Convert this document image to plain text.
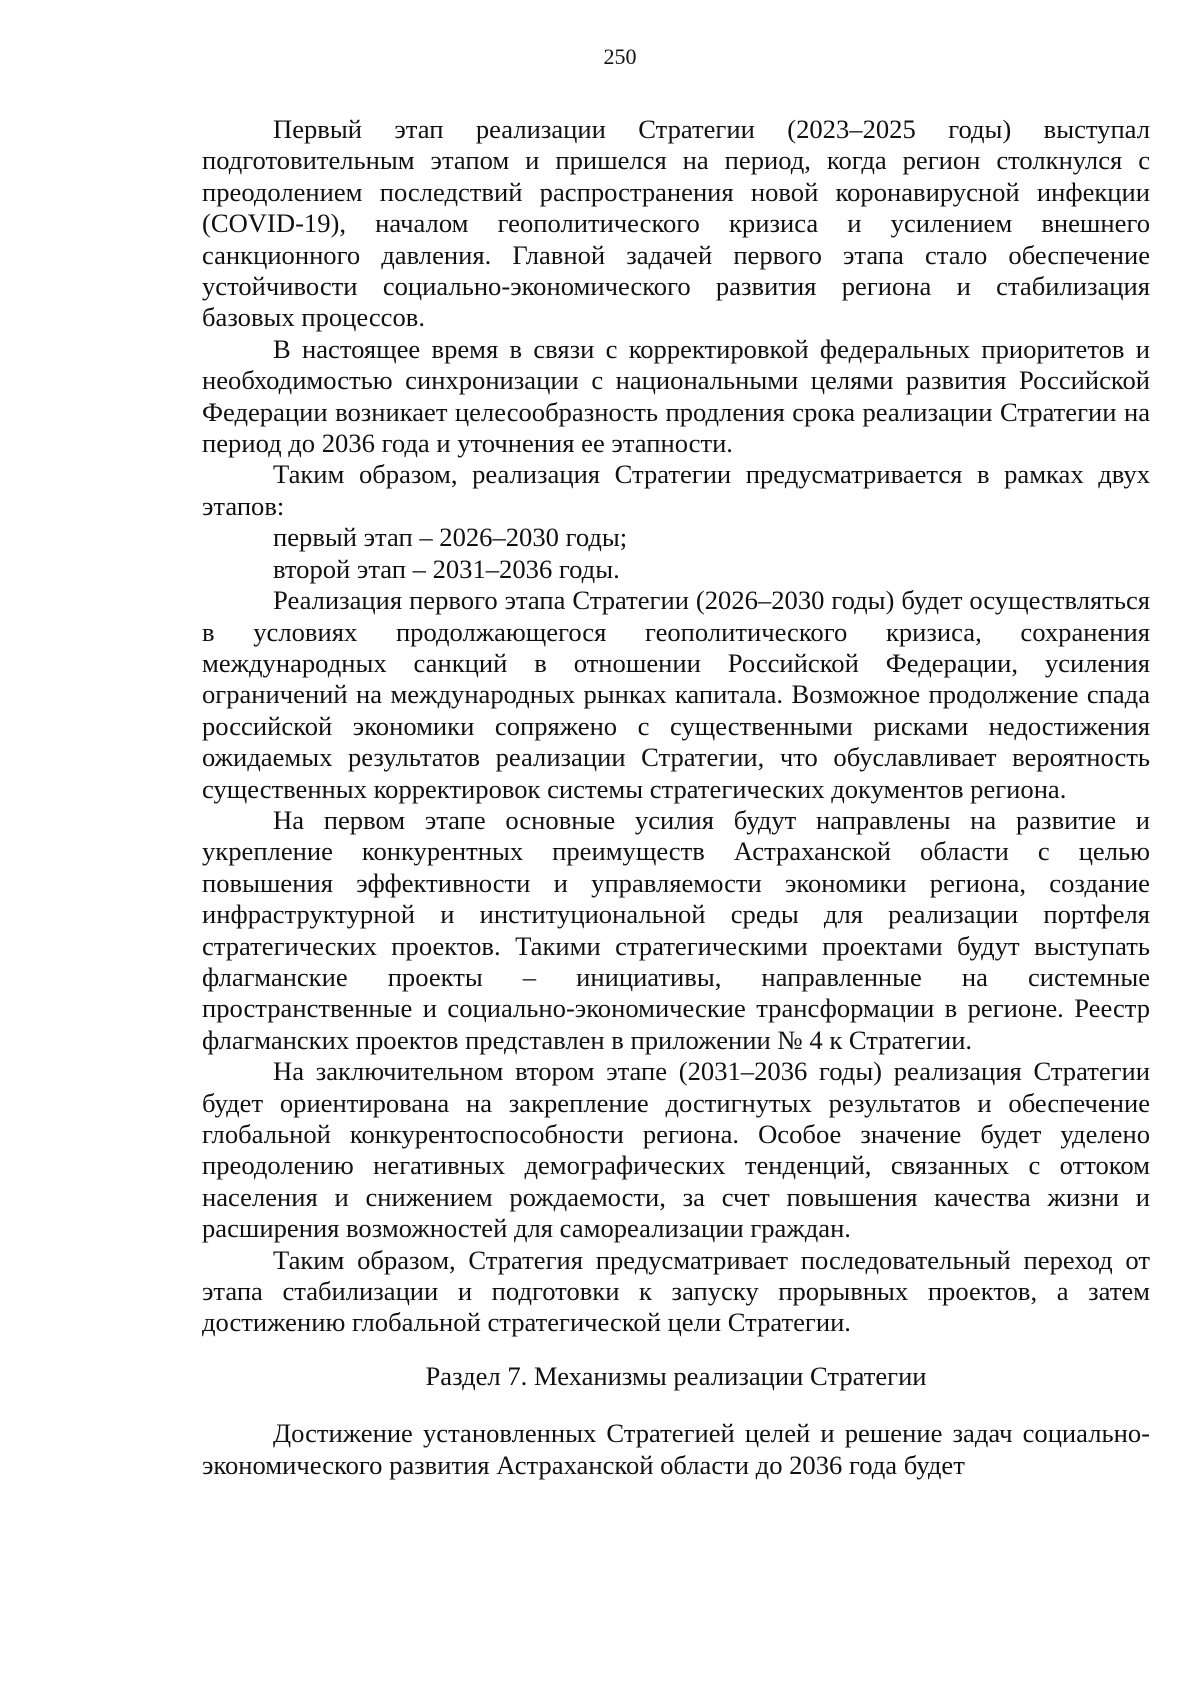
250

Первый этап реализации Стратегии (2023–2025 годы) выступал подготовительным этапом и пришелся на период, когда регион столкнулся с преодолением последствий распространения новой коронавирусной инфекции (COVID-19), началом геополитического кризиса и усилением внешнего санкционного давления. Главной задачей первого этапа стало обеспечение устойчивости социально-экономического развития региона и стабилизация базовых процессов.

В настоящее время в связи с корректировкой федеральных приоритетов и необходимостью синхронизации с национальными целями развития Российской Федерации возникает целесообразность продления срока реализации Стратегии на период до 2036 года и уточнения ее этапности.

Таким образом, реализация Стратегии предусматривается в рамках двух этапов:

первый этап – 2026–2030 годы;

второй этап – 2031–2036 годы.

Реализация первого этапа Стратегии (2026–2030 годы) будет осуществляться в условиях продолжающегося геополитического кризиса, сохранения международных санкций в отношении Российской Федерации, усиления ограничений на международных рынках капитала. Возможное продолжение спада российской экономики сопряжено с существенными рисками недостижения ожидаемых результатов реализации Стратегии, что обуславливает вероятность существенных корректировок системы стратегических документов региона.

На первом этапе основные усилия будут направлены на развитие и укрепление конкурентных преимуществ Астраханской области с целью повышения эффективности и управляемости экономики региона, создание инфраструктурной и институциональной среды для реализации портфеля стратегических проектов. Такими стратегическими проектами будут выступать флагманские проекты – инициативы, направленные на системные пространственные и социально-экономические трансформации в регионе. Реестр флагманских проектов представлен в приложении № 4 к Стратегии.

На заключительном втором этапе (2031–2036 годы) реализация Стратегии будет ориентирована на закрепление достигнутых результатов и обеспечение глобальной конкурентоспособности региона. Особое значение будет уделено преодолению негативных демографических тенденций, связанных с оттоком населения и снижением рождаемости, за счет повышения качества жизни и расширения возможностей для самореализации граждан.

Таким образом, Стратегия предусматривает последовательный переход от этапа стабилизации и подготовки к запуску прорывных проектов, а затем достижению глобальной стратегической цели Стратегии.

Раздел 7. Механизмы реализации Стратегии

Достижение установленных Стратегией целей и решение задач социально-экономического развития Астраханской области до 2036 года будет
